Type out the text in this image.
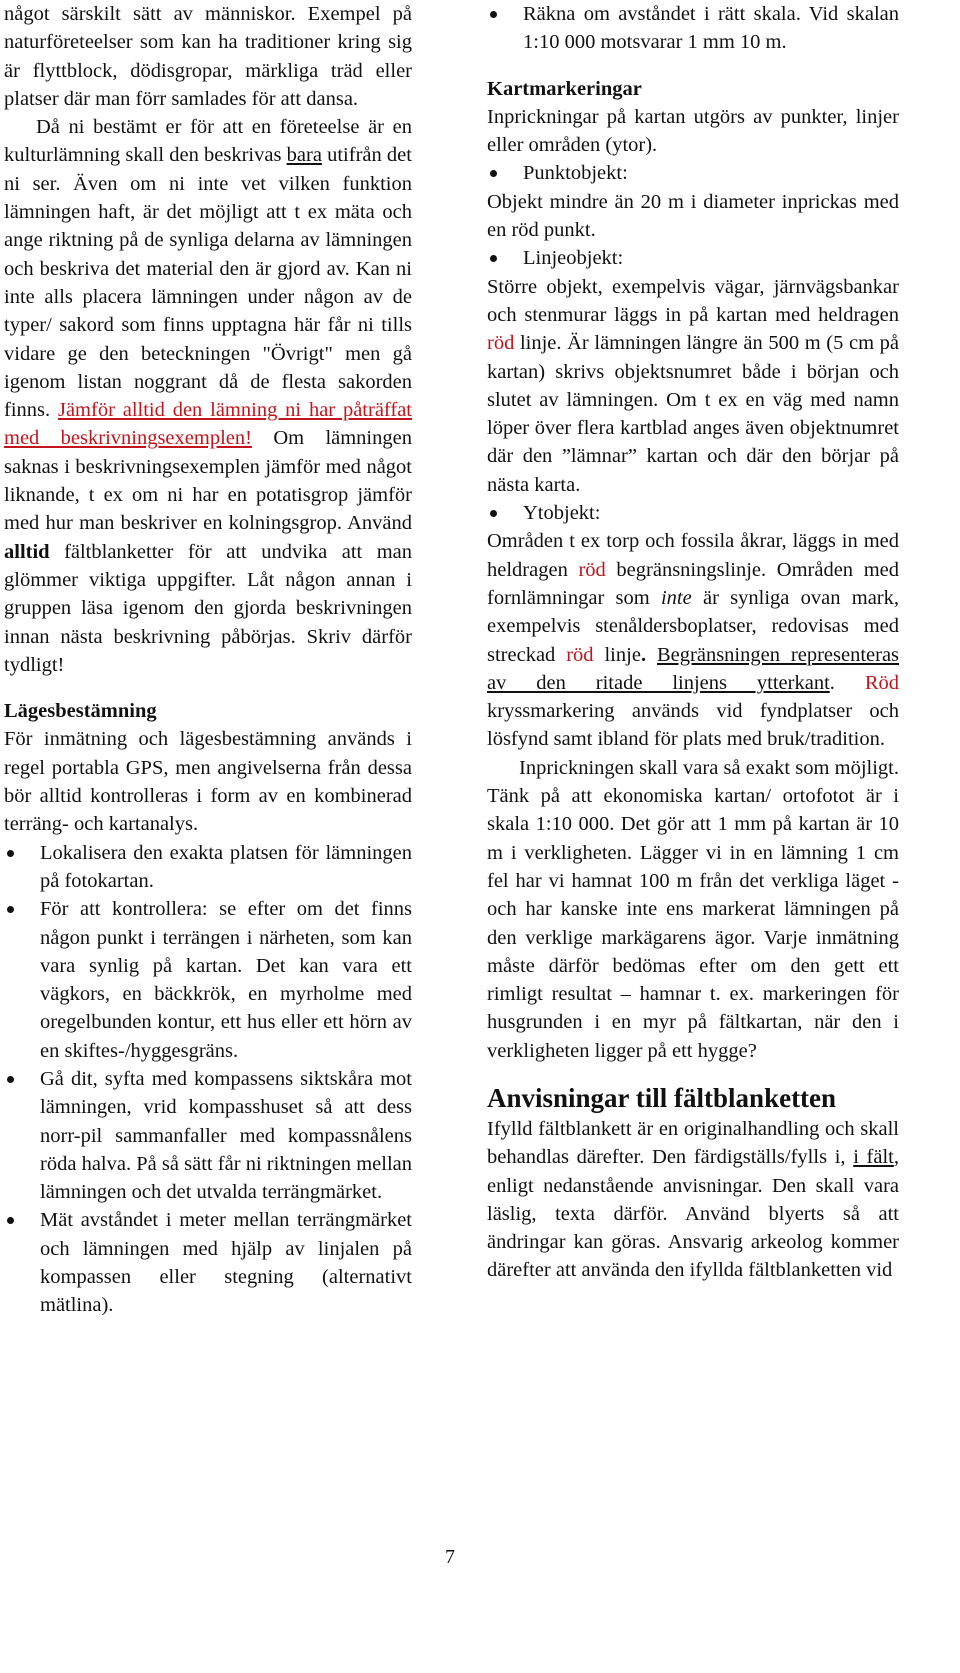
något särskilt sätt av människor. Exempel på naturföreteelser som kan ha traditioner kring sig är flyttblock, dödisgropar, märkliga träd eller platser där man förr samlades för att dansa.

Då ni bestämt er för att en företeelse är en kulturlämning skall den beskrivas bara utifrån det ni ser. Även om ni inte vet vilken funktion lämningen haft, är det möjligt att t ex mäta och ange riktning på de synliga delarna av lämningen och beskriva det material den är gjord av. Kan ni inte alls placera lämningen under någon av de typer/ sakord som finns upptagna här får ni tills vidare ge den beteckningen "Övrigt" men gå igenom listan noggrant då de flesta sakorden finns. Jämför alltid den lämning ni har påträffat med beskrivningsexemplen! Om lämningen saknas i beskrivningsexemplen jämför med något liknande, t ex om ni har en potatisgrop jämför med hur man beskriver en kolningsgrop. Använd alltid fältblanketter för att undvika att man glömmer viktiga uppgifter. Låt någon annan i gruppen läsa igenom den gjorda beskrivningen innan nästa beskrivning påbörjas. Skriv därför tydligt!

Lägesbestämning

För inmätning och lägesbestämning används i regel portabla GPS, men angivelserna från dessa bör alltid kontrolleras i form av en kombinerad terräng- och kartanalys.

Lokalisera den exakta platsen för lämningen på fotokartan.
För att kontrollera: se efter om det finns någon punkt i terrängen i närheten, som kan vara synlig på kartan. Det kan vara ett vägkors, en bäckkrök, en myrholme med oregelbunden kontur, ett hus eller ett hörn av en skiftes-/hyggesgräns.
Gå dit, syfta med kompassens siktskåra mot lämningen, vrid kompasshuset så att dess norr-pil sammanfaller med kompassnålens röda halva. På så sätt får ni riktningen mellan lämningen och det utvalda terrängmärket.
Mät avståndet i meter mellan terrängmärket och lämningen med hjälp av linjalen på kompassen eller stegning (alternativt mätlina).
Räkna om avståndet i rätt skala. Vid skalan 1:10 000 motsvarar 1 mm 10 m.

Kartmarkeringar

Inprickningar på kartan utgörs av punkter, linjer eller områden (ytor).

Punktobjekt:

Objekt mindre än 20 m i diameter inprickas med en röd punkt.

Linjeobjekt:

Större objekt, exempelvis vägar, järnvägsbankar och stenmurar läggs in på kartan med heldragen röd linje. Är lämningen längre än 500 m (5 cm på kartan) skrivs objektsnumret både i början och slutet av lämningen. Om t ex en väg med namn löper över flera kartblad anges även objektnumret där den ”lämnar” kartan och där den börjar på nästa karta.

Ytobjekt:

Områden t ex torp och fossila åkrar, läggs in med heldragen röd begränsningslinje. Områden med fornlämningar som inte är synliga ovan mark, exempelvis stenåldersboplatser, redovisas med streckad röd linje. Begränsningen representeras av den ritade linjens ytterkant. Röd kryssmarkering används vid fyndplatser och lösfynd samt ibland för plats med bruk/tradition.

Inprickningen skall vara så exakt som möjligt. Tänk på att ekonomiska kartan/ ortofotot är i skala 1:10 000. Det gör att 1 mm på kartan är 10 m i verkligheten. Lägger vi in en lämning 1 cm fel har vi hamnat 100 m från det verkliga läget - och har kanske inte ens markerat lämningen på den verklige markägarens ägor. Varje inmätning måste därför bedömas efter om den gett ett rimligt resultat – hamnar t. ex. markeringen för husgrunden i en myr på fältkartan, när den i verkligheten ligger på ett hygge?

Anvisningar till fältblanketten

Ifylld fältblankett är en originalhandling och skall behandlas därefter. Den färdigställs/fylls i, i fält, enligt nedanstående anvisningar. Den skall vara läslig, texta därför. Använd blyerts så att ändringar kan göras. Ansvarig arkeolog kommer därefter att använda den ifyllda fältblanketten vid

7
